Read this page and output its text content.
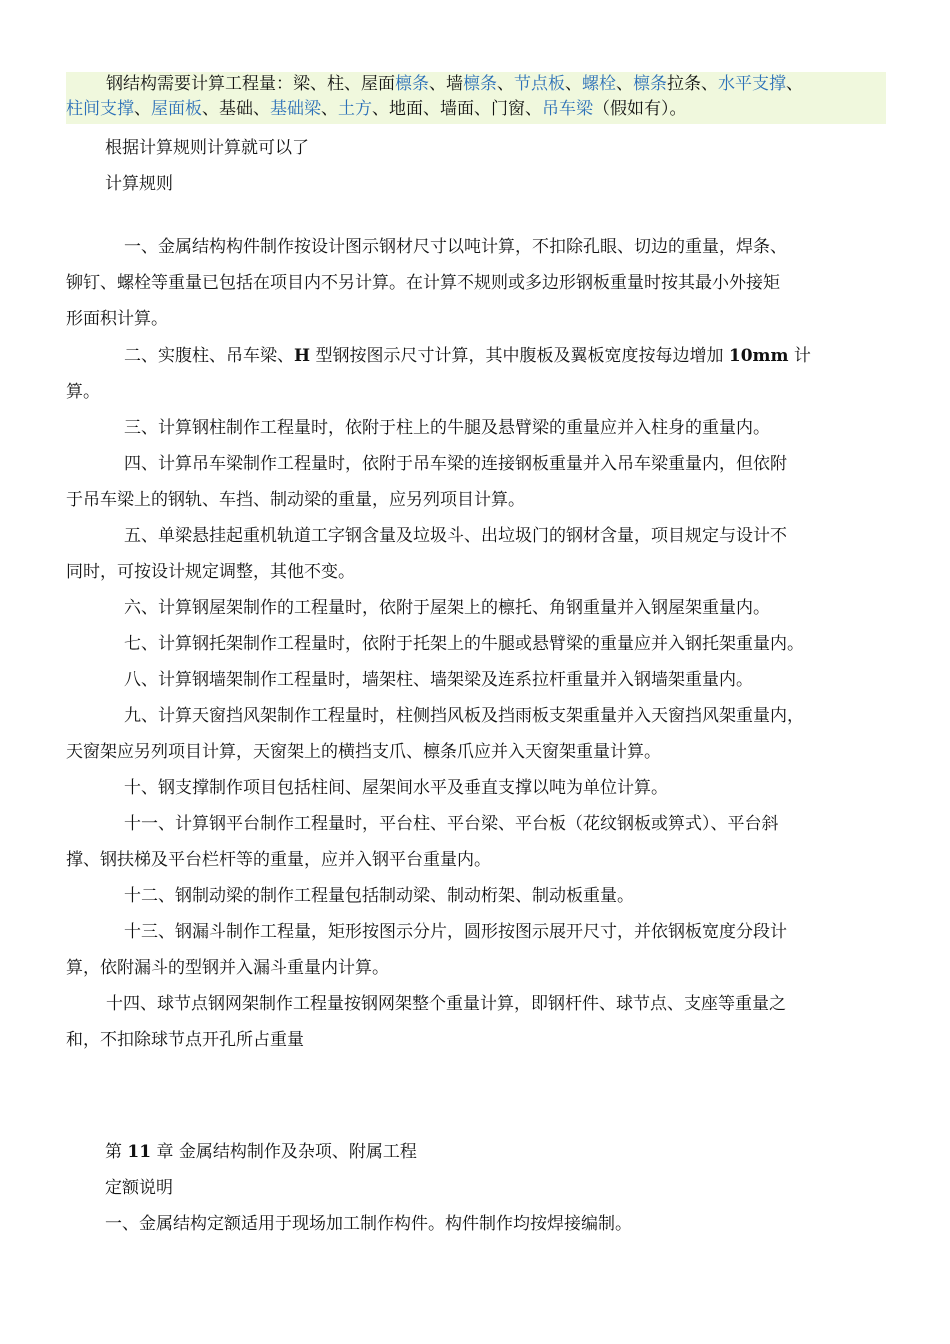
钢结构需要计算工程量：梁、柱、屋面檩条、墙檩条、节点板、螺栓、檩条拉条、水平支撑、
柱间支撑、屋面板、基础、基础梁、土方、地面、墙面、门窗、吊车梁（假如有）。
根据计算规则计算就可以了
计算规则
一、金属结构构件制作按设计图示钢材尺寸以吨计算，不扣除孔眼、切边的重量，焊条、
铆钉、螺栓等重量已包括在项目内不另计算。在计算不规则或多边形钢板重量时按其最小外接矩
形面积计算。
二、实腹柱、吊车梁、H 型钢按图示尺寸计算，其中腹板及翼板宽度按每边增加 10mm 计
算。
三、计算钢柱制作工程量时，依附于柱上的牛腿及悬臂梁的重量应并入柱身的重量内。
四、计算吊车梁制作工程量时，依附于吊车梁的连接钢板重量并入吊车梁重量内，但依附
于吊车梁上的钢轨、车挡、制动梁的重量，应另列项目计算。
五、单梁悬挂起重机轨道工字钢含量及垃圾斗、出垃圾门的钢材含量，项目规定与设计不
同时，可按设计规定调整，其他不变。
六、计算钢屋架制作的工程量时，依附于屋架上的檩托、角钢重量并入钢屋架重量内。
七、计算钢托架制作工程量时，依附于托架上的牛腿或悬臂梁的重量应并入钢托架重量内。
八、计算钢墙架制作工程量时，墙架柱、墙架梁及连系拉杆重量并入钢墙架重量内。
九、计算天窗挡风架制作工程量时，柱侧挡风板及挡雨板支架重量并入天窗挡风架重量内，
天窗架应另列项目计算，天窗架上的横挡支爪、檩条爪应并入天窗架重量计算。
十、钢支撑制作项目包括柱间、屋架间水平及垂直支撑以吨为单位计算。
十一、计算钢平台制作工程量时，平台柱、平台梁、平台板（花纹钢板或箅式）、平台斜
撑、钢扶梯及平台栏杆等的重量，应并入钢平台重量内。
十二、钢制动梁的制作工程量包括制动梁、制动桁架、制动板重量。
十三、钢漏斗制作工程量，矩形按图示分片，圆形按图示展开尺寸，并依钢板宽度分段计
算，依附漏斗的型钢并入漏斗重量内计算。
十四、球节点钢网架制作工程量按钢网架整个重量计算，即钢杆件、球节点、支座等重量之
和，不扣除球节点开孔所占重量
第 11 章 金属结构制作及杂项、附属工程
定额说明
一、金属结构定额适用于现场加工制作构件。构件制作均按焊接编制。
